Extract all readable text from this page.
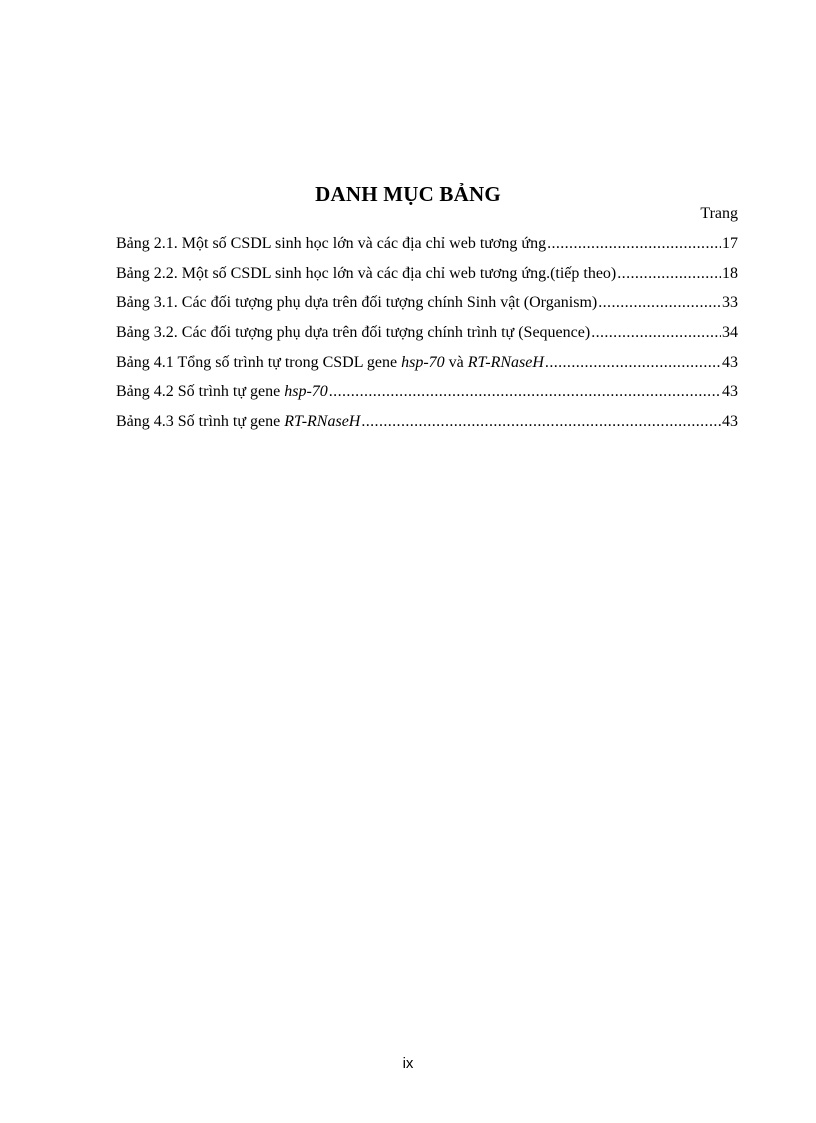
DANH MỤC BẢNG
Trang
Bảng 2.1. Một số CSDL sinh học lớn và các địa chỉ web tương ứng .....	17
Bảng 2.2. Một số CSDL sinh học lớn và các địa chỉ web tương ứng.(tiếp theo) .....	18
Bảng 3.1. Các đối tượng phụ dựa trên đối tượng chính Sinh vật (Organism) .....	33
Bảng 3.2. Các đối tượng phụ dựa trên đối tượng chính trình tự (Sequence) .....	34
Bảng 4.1 Tổng số trình tự trong CSDL gene hsp-70 và RT-RNaseH .....	43
Bảng 4.2 Số trình tự gene hsp-70 .....	43
Bảng 4.3 Số trình tự gene RT-RNaseH .....	43
ix
